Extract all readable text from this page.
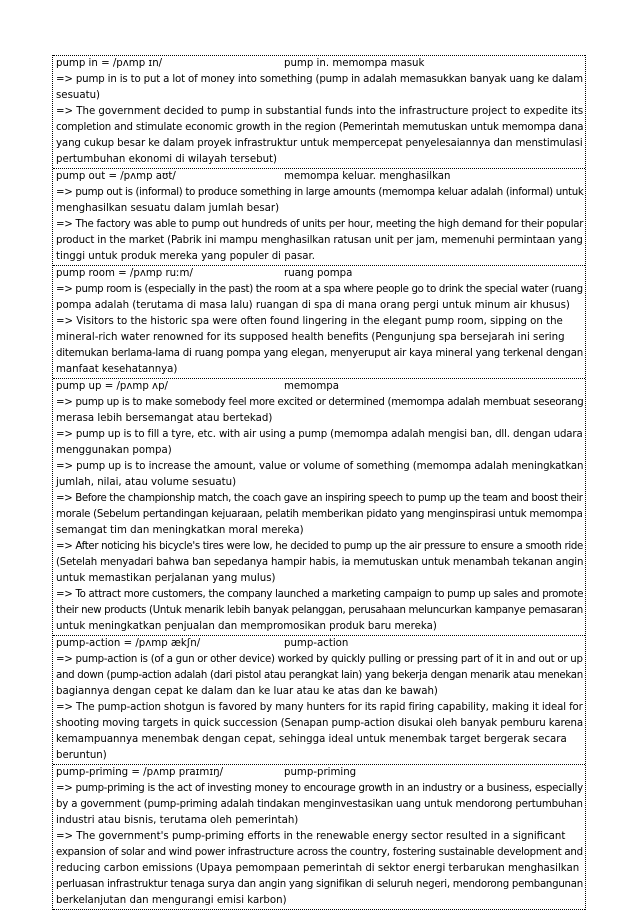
pump in = /pʌmp ɪn/	pump in. memompa masuk
=> pump in is to put a lot of money into something (pump in adalah memasukkan banyak uang ke dalam
sesuatu)
=> The government decided to pump in substantial funds into the infrastructure project to expedite its
completion and stimulate economic growth in the region (Pemerintah memutuskan untuk memompa dana
yang cukup besar ke dalam proyek infrastruktur untuk mempercepat penyelesaiannya dan menstimulasi
pertumbuhan ekonomi di wilayah tersebut)
pump out = /pʌmp aʊt/	memompa keluar. menghasilkan
=> pump out is (informal) to produce something in large amounts (memompa keluar adalah (informal) untuk
menghasilkan sesuatu dalam jumlah besar)
=> The factory was able to pump out hundreds of units per hour, meeting the high demand for their popular
product in the market (Pabrik ini mampu menghasilkan ratusan unit per jam, memenuhi permintaan yang
tinggi untuk produk mereka yang populer di pasar.
pump room = /pʌmp ruːm/	ruang pompa
=> pump room is (especially in the past) the room at a spa where people go to drink the special water (ruang
pompa adalah (terutama di masa lalu) ruangan di spa di mana orang pergi untuk minum air khusus)
=> Visitors to the historic spa were often found lingering in the elegant pump room, sipping on the
mineral-rich water renowned for its supposed health benefits (Pengunjung spa bersejarah ini sering
ditemukan berlama-lama di ruang pompa yang elegan, menyeruput air kaya mineral yang terkenal dengan
manfaat kesehatannya)
pump up = /pʌmp ʌp/	memompa
=> pump up is to make somebody feel more excited or determined (memompa adalah membuat seseorang
merasa lebih bersemangat atau bertekad)
=> pump up is to fill a tyre, etc. with air using a pump (memompa adalah mengisi ban, dll. dengan udara
menggunakan pompa)
=> pump up is to increase the amount, value or volume of something (memompa adalah meningkatkan
jumlah, nilai, atau volume sesuatu)
=> Before the championship match, the coach gave an inspiring speech to pump up the team and boost their
morale (Sebelum pertandingan kejuaraan, pelatih memberikan pidato yang menginspirasi untuk memompa
semangat tim dan meningkatkan moral mereka)
=> After noticing his bicycle's tires were low, he decided to pump up the air pressure to ensure a smooth ride
(Setelah menyadari bahwa ban sepedanya hampir habis, ia memutuskan untuk menambah tekanan angin
untuk memastikan perjalanan yang mulus)
=> To attract more customers, the company launched a marketing campaign to pump up sales and promote
their new products (Untuk menarik lebih banyak pelanggan, perusahaan meluncurkan kampanye pemasaran
untuk meningkatkan penjualan dan mempromosikan produk baru mereka)
pump-action = /pʌmp ækʃn/	pump-action
=> pump-action is (of a gun or other device) worked by quickly pulling or pressing part of it in and out or up
and down (pump-action adalah (dari pistol atau perangkat lain) yang bekerja dengan menarik atau menekan
bagiannya dengan cepat ke dalam dan ke luar atau ke atas dan ke bawah)
=> The pump-action shotgun is favored by many hunters for its rapid firing capability, making it ideal for
shooting moving targets in quick succession (Senapan pump-action disukai oleh banyak pemburu karena
kemampuannya menembak dengan cepat, sehingga ideal untuk menembak target bergerak secara
beruntun)
pump-priming = /pʌmp praɪmɪŋ/	pump-priming
=> pump-priming is the act of investing money to encourage growth in an industry or a business, especially
by a government (pump-priming adalah tindakan menginvestasikan uang untuk mendorong pertumbuhan
industri atau bisnis, terutama oleh pemerintah)
=> The government's pump-priming efforts in the renewable energy sector resulted in a significant
expansion of solar and wind power infrastructure across the country, fostering sustainable development and
reducing carbon emissions (Upaya pemompaan pemerintah di sektor energi terbarukan menghasilkan
perluasan infrastruktur tenaga surya dan angin yang signifikan di seluruh negeri, mendorong pembangunan
berkelanjutan dan mengurangi emisi karbon)
